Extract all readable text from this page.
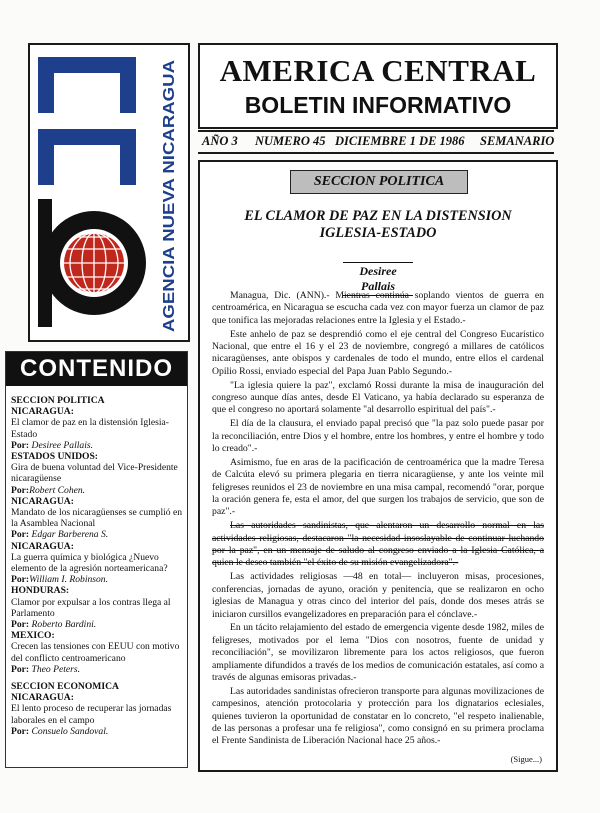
AGENCIA NUEVA NICARAGUA
AMERICA CENTRAL
BOLETIN INFORMATIVO
AÑO 3 NUMERO 45 DICIEMBRE 1 DE 1986 SEMANARIO
SECCION POLITICA
EL CLAMOR DE PAZ EN LA DISTENSION
IGLESIA-ESTADO
Desiree Pallais

Managua, Dic. (ANN).- Mientras continúa soplando vientos de guerra en centroamérica, en Nicaragua se escucha cada vez con mayor fuerza un clamor de paz que tonifica las mejoradas relaciones entre la Iglesia y el Estado.-

Este anhelo de paz se desprendió como el eje central del Congreso Eucarístico Nacional, que entre el 16 y el 23 de noviembre, congregó a millares de católicos nicaragüenses, ante obispos y cardenales de todo el mundo, entre ellos el cardenal Opilio Rossi, enviado especial del Papa Juan Pablo Segundo.-

"La iglesia quiere la paz", exclamó Rossi durante la misa de inauguración del congreso aunque días antes, desde El Vaticano, ya había declarado su esperanza de que el congreso no aportará solamente "al desarrollo espiritual del país".-

El día de la clausura, el enviado papal precisó que "la paz solo puede pasar por la reconciliación, entre Dios y el hombre, entre los hombres, y entre el hombre y todo lo creado".-

Asimismo, fue en aras de la pacificación de centroamérica que la madre Teresa de Calcúta elevó su primera plegaria en tierra nicaragüense, y ante los veinte mil feligreses reunidos el 23 de noviembre en una misa campal, recomendó "orar, porque la oración genera fe, esta el amor, del que surgen los trabajos de servicio, que son de paz".-

Las autoridades sandinistas, que alentaron un desarrollo normal en las actividades religiosas, destacaron "la necesidad insoslayable de continuar luchando por la paz", en un mensaje de saludo al congreso enviado a la Iglesia Católica, a quien le deseo también "el éxito de su misión evangelizadora".-

Las actividades religiosas —48 en total— incluyeron misas, procesiones, conferencias, jornadas de ayuno, oración y penitencia, que se realizaron en ocho iglesias de Managua y otras cinco del interior del país, donde dos meses atrás se iniciaron cursillos evangelizadores en preparación para el cónclave.-

En un tácito relajamiento del estado de emergencia vigente desde 1982, miles de feligreses, motivados por el lema "Dios con nosotros, fuente de unidad y reconciliación", se movilizaron libremente para los actos religiosos, que fueron ampliamente difundidos a través de los medios de comunicación estatales, así como a través de algunas emisoras privadas.-

Las autoridades sandinistas ofrecieron transporte para algunas movilizaciones de campesinos, atención protocolaria y protección para los dignatarios eclesiales, quienes tuvieron la oportunidad de constatar en lo concreto, "el respeto inalienable, de las personas a profesar una fe religiosa", como consignó en su primera proclama el Frente Sandinista de Liberación Nacional hace 25 años.-

(Sigue...)
CONTENIDO
SECCION POLITICA
NICARAGUA:
El clamor de paz en la distensión Iglesia-Estado
Por: Desiree Pallais.
ESTADOS UNIDOS:
Gira de buena voluntad del Vice-Presidente nicaragüense
Por:Robert Cohen.
NICARAGUA:
Mandato de los nicaragüenses se cumplió en la Asamblea Nacional
Por: Edgar Barberena S.
NICARAGUA:
La guerra química y biológica ¿Nuevo elemento de la agresión norteamericana?
Por:William I. Robinson.
HONDURAS:
Clamor por expulsar a los contras llega al Parlamento
Por: Roberto Bardini.
MEXICO:
Crecen las tensiones con EEUU con motivo del conflicto centroamericano
Por: Theo Peters.
SECCION ECONOMICA
NICARAGUA:
El lento proceso de recuperar las jornadas laborales en el campo
Por: Consuelo Sandoval.
